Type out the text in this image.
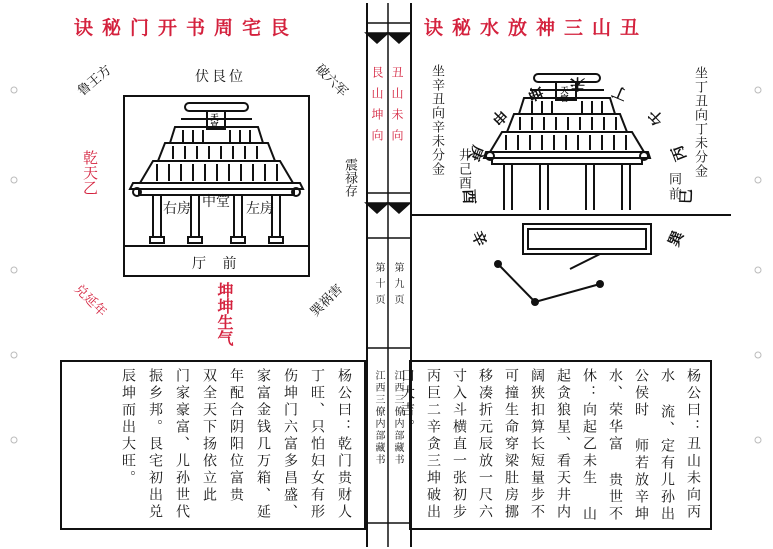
诀秘门开书周宅艮
伏艮位
鲁王方	破六军
乾天乙	震禄存
兑延年	巽祸害
坤坤生气
天官
右房 中堂 左房
厅 前
杨公曰：乾门贵财人 丁旺、只怕妇女有形 伤坤门六富多昌盛、 家富金钱几万箱、延 年配合阴阳位富贵 双全天下扬依立此 门家豪富、儿孙世代 振乡邦。艮宅初出兑 辰坤而出大旺。
丑山未向
艮山坤向
第九页
第十页
江西三僚内部藏书
江西三僚内部藏书
诀秘水放神三山丑
坐丁丑向丁未分金
同前
井己酉
坐辛丑向辛未分金	天官
辛
酉
庚
申
坤 未 丁
午
丙
巳
巽
杨公曰：丑山未向丙水 流、定有儿孙出公侯时 师若放辛坤水、荣华富 贵世不休：向起乙未生 山起贪狼星、看天井内 阔狭扣算长短量步不 可撞生命穿梁肚房挪 移凑折元辰放一尺六 寸入斗横直一张初步 丙巨二辛贪三坤破出 口大吉。
